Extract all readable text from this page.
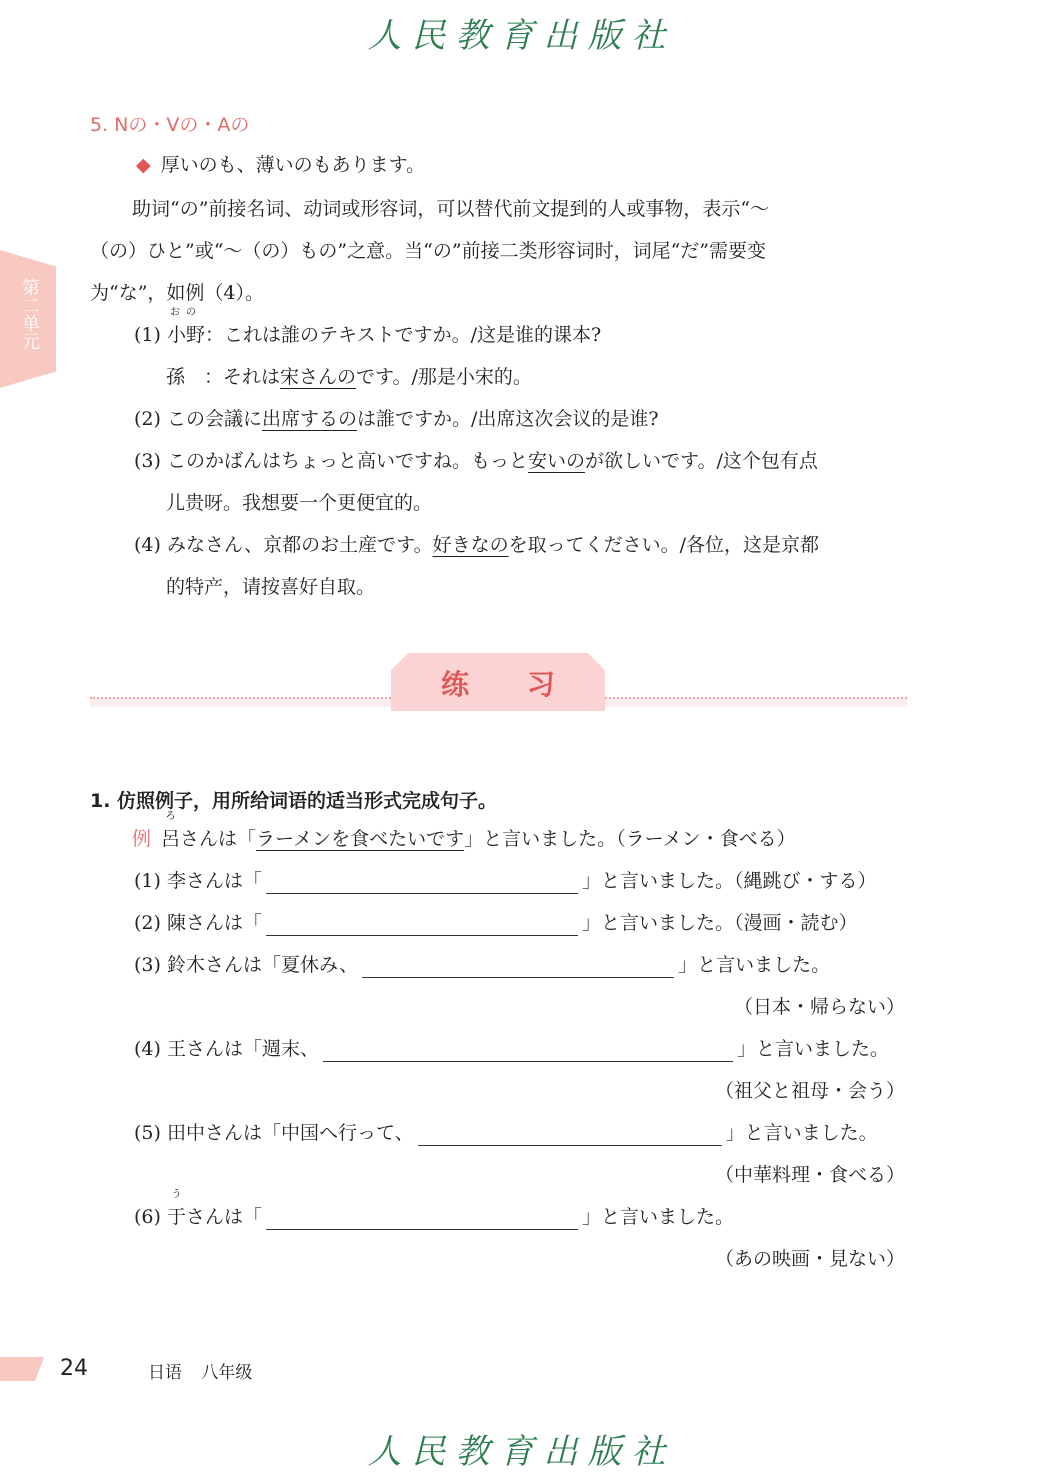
人民教育出版社
第二单元
5. Nの・Vの・Aの
◆ 厚いのも、薄いのもあります。
助词“の”前接名词、动词或形容词，可以替代前文提到的人或事物，表示“～
（の）ひと”或“～（の）もの”之意。当“の”前接二类形容词时，词尾“だ”需要变
为“な”，如例（4）。
(1)
おの
小野：これは誰のテキストですか。/这是谁的课本?
孫　：それは宋さんのです。/那是小宋的。
(2) この会議に出席するのは誰ですか。/出席这次会议的是谁?
(3) このかばんはちょっと高いですね。もっと安いのが欲しいです。/这个包有点
儿贵呀。我想要一个更便宜的。
(4) みなさん、京都のお土産です。好きなのを取ってください。/各位，这是京都
的特产，请按喜好自取。
练 习
1. 仿照例子，用所给词语的适当形式完成句子。
例
ろ
呂さんは「ラーメンを食べたいです」と言いました。（ラーメン・食べる）
(1) 李さんは「	」と言いました。（縄跳び・する）
(2) 陳さんは「	」と言いました。（漫画・読む）
(3) 鈴木さんは「夏休み、	」と言いました。
（日本・帰らない）
(4) 王さんは「週末、	」と言いました。
（祖父と祖母・会う）
(5) 田中さんは「中国へ行って、	」と言いました。
（中華料理・食べる）
(6)
う
于さんは「	」と言いました。
（あの映画・見ない）
24	日语 八年级
人民教育出版社
